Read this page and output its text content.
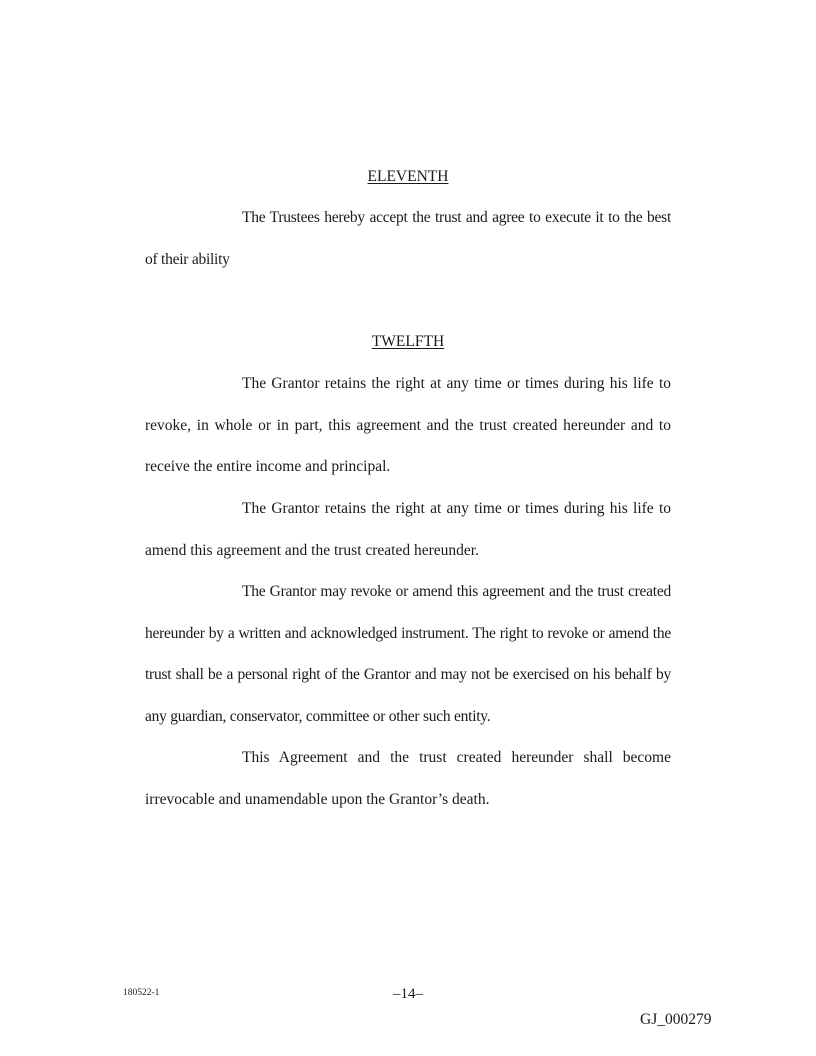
ELEVENTH

The Trustees hereby accept the trust and agree to execute it to the best of their ability

TWELFTH

The Grantor retains the right at any time or times during his life to revoke, in whole or in part, this agreement and the trust created hereunder and to receive the entire income and principal.

The Grantor retains the right at any time or times during his life to amend this agreement and the trust created hereunder.

The Grantor may revoke or amend this agreement and the trust created hereunder by a written and acknowledged instrument. The right to revoke or amend the trust shall be a personal right of the Grantor and may not be exercised on his behalf by any guardian, conservator, committee or other such entity.

This Agreement and the trust created hereunder shall become irrevocable and unamendable upon the Grantor’s death.

180522-1	–14–
GJ_000279
